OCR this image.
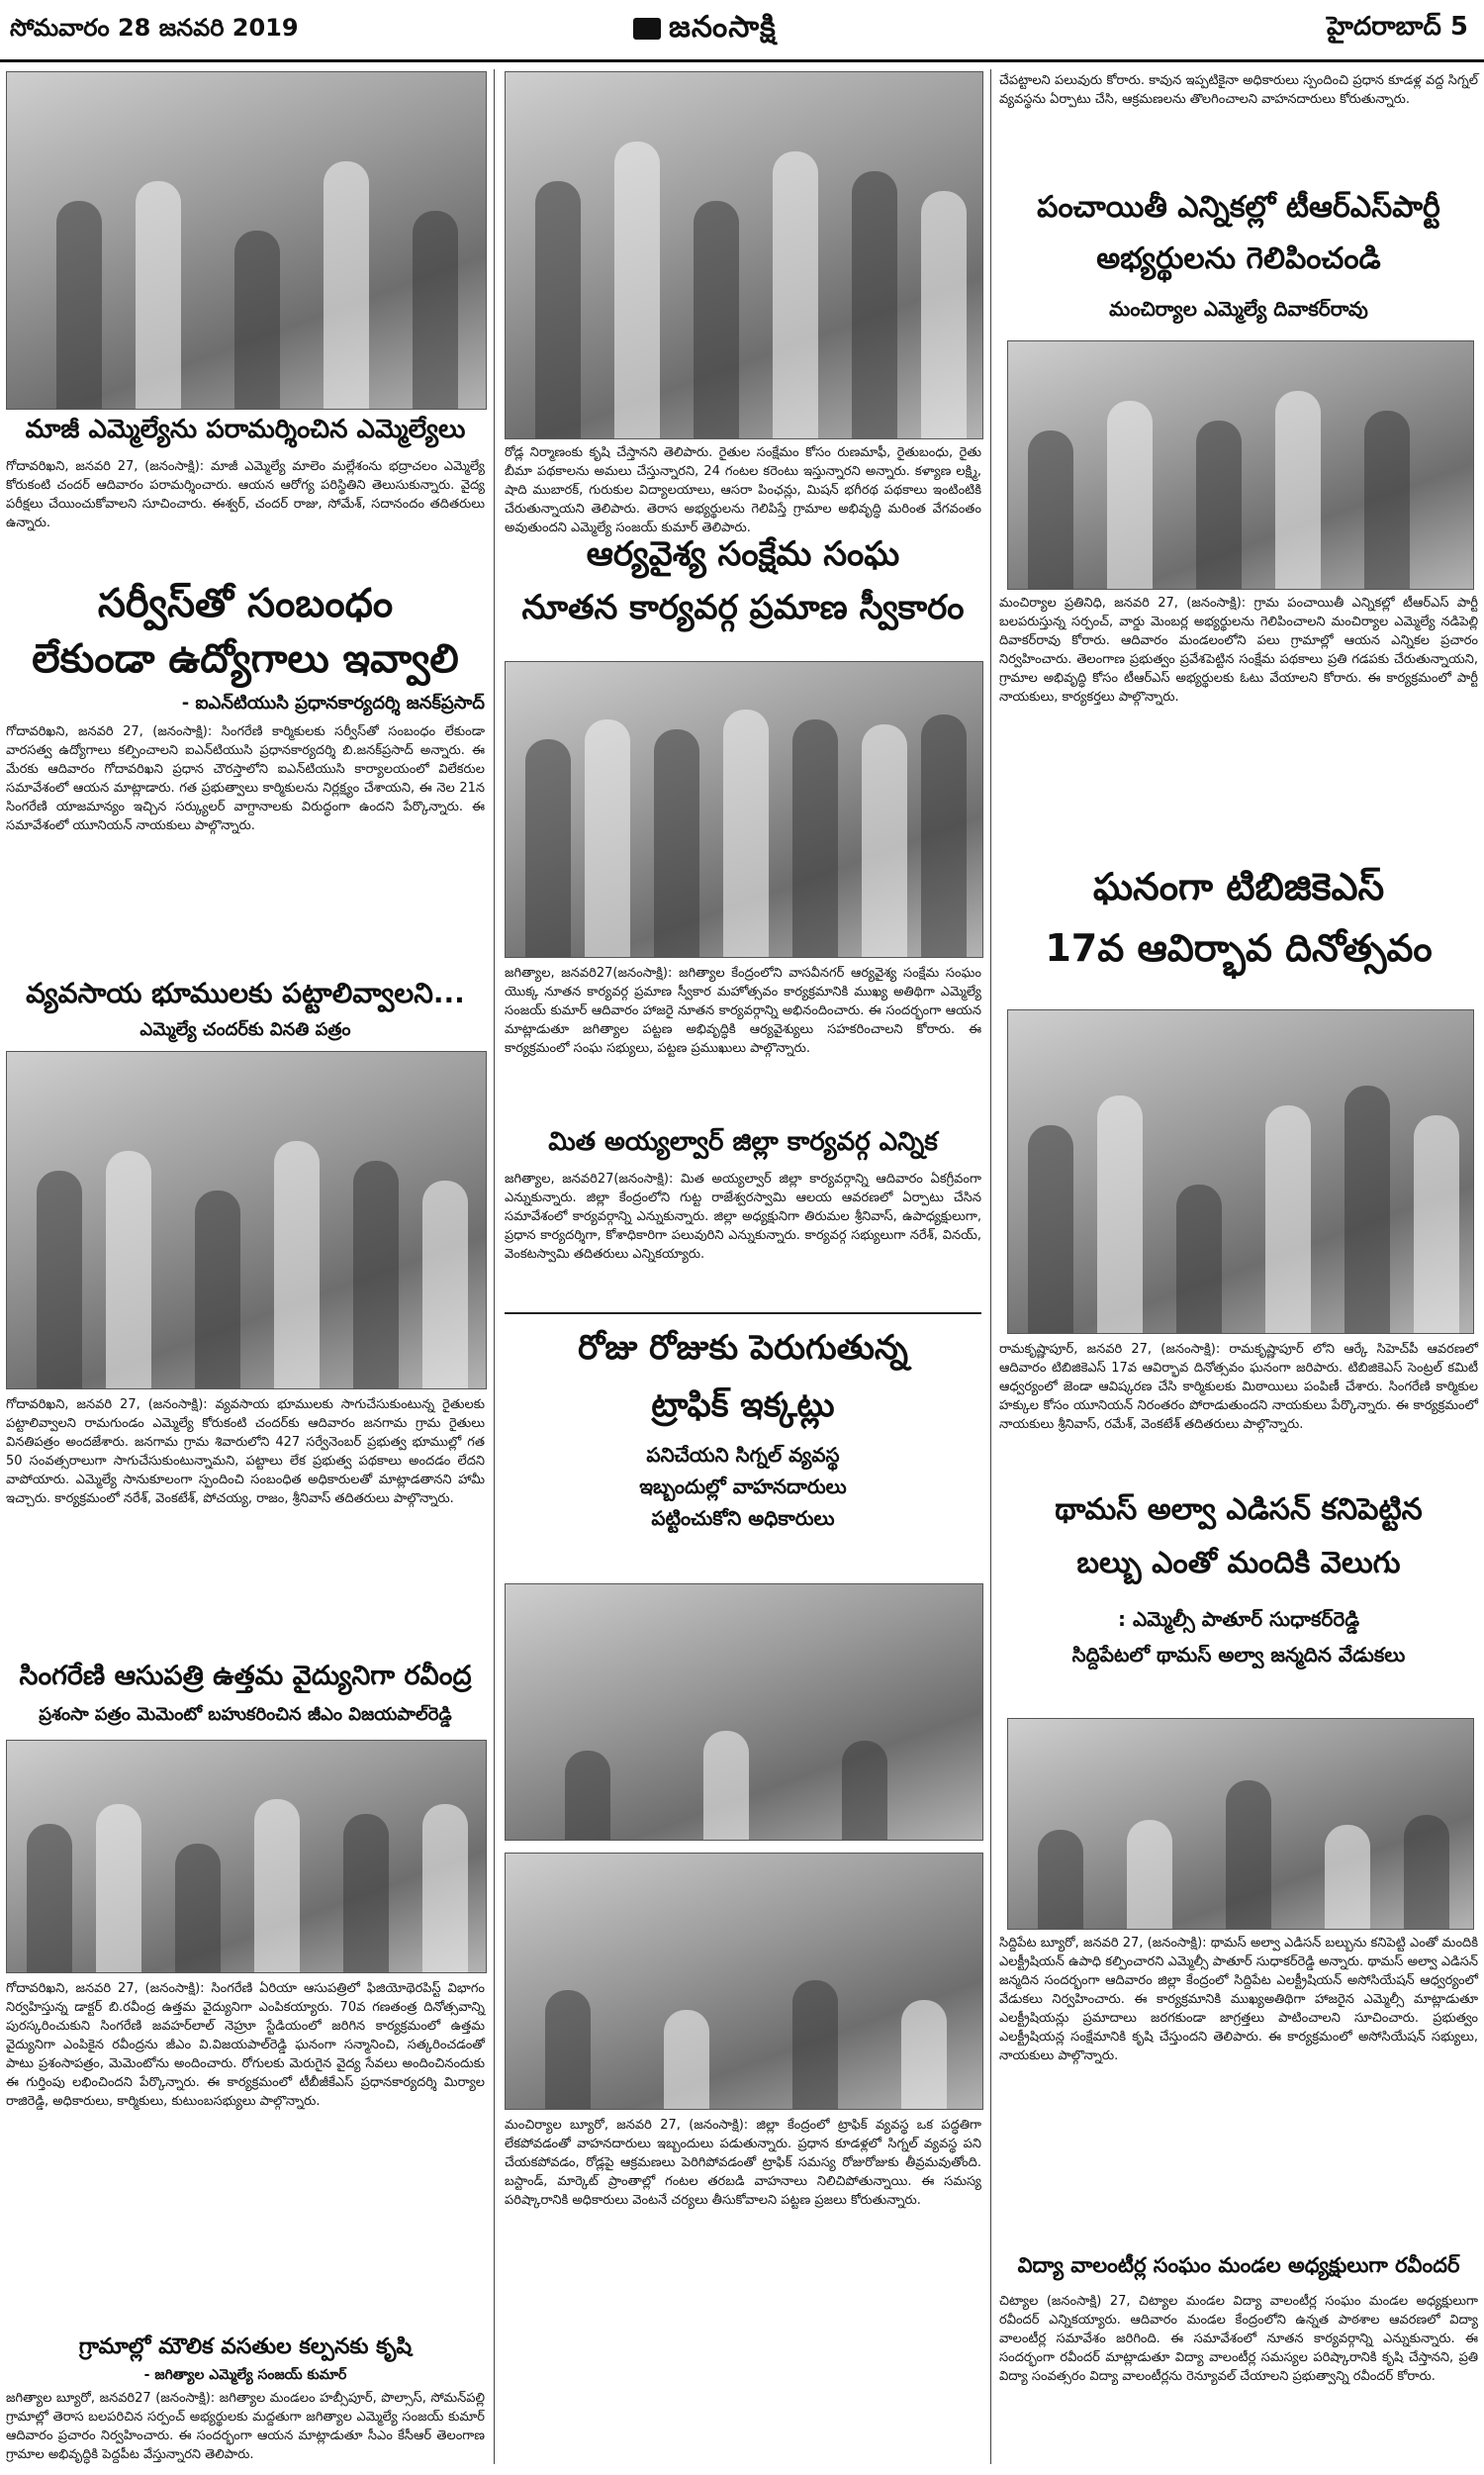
సోమవారం 28 జనవరి 2019	జనంసాక్షి	హైదరాబాద్ 5
మాజీ ఎమ్మెల్యేను పరామర్శించిన ఎమ్మెల్యేలు
గోదావరిఖని, జనవరి 27, (జనంసాక్షి): మాజీ ఎమ్మెల్యే మాలెం మల్లేశంను భద్రాచలం ఎమ్మెల్యే కోరుకంటి చందర్ ఆదివారం పరామర్శించారు. ఆయన ఆరోగ్య పరిస్థితిని తెలుసుకున్నారు. వైద్య పరీక్షలు చేయించుకోవాలని సూచించారు. ఈశ్వర్, చందర్ రాజు, సోమేశ్, సదానందం తదితరులు ఉన్నారు.
సర్వీస్‌తో సంబంధం
లేకుండా ఉద్యోగాలు ఇవ్వాలి
- ఐఎన్‌టియుసి ప్రధానకార్యదర్శి జనక్‌ప్రసాద్
గోదావరిఖని, జనవరి 27, (జనంసాక్షి): సింగరేణి కార్మికులకు సర్వీస్‌తో సంబంధం లేకుండా వారసత్వ ఉద్యోగాలు కల్పించాలని ఐఎన్‌టియుసి ప్రధానకార్యదర్శి బి.జనక్‌ప్రసాద్ అన్నారు. ఈ మేరకు ఆదివారం గోదావరిఖని ప్రధాన చౌరస్తాలోని ఐఎన్‌టియుసి కార్యాలయంలో విలేకరుల సమావేశంలో ఆయన మాట్లాడారు. గత ప్రభుత్వాలు కార్మికులను నిర్లక్ష్యం చేశాయని, ఈ నెల 21న సింగరేణి యాజమాన్యం ఇచ్చిన సర్క్యులర్ వాగ్దానాలకు విరుద్ధంగా ఉందని పేర్కొన్నారు. ఈ సమావేశంలో యూనియన్ నాయకులు పాల్గొన్నారు.
వ్యవసాయ భూములకు పట్టాలివ్వాలని...
ఎమ్మెల్యే చందర్‌కు వినతి పత్రం
గోదావరిఖని, జనవరి 27, (జనంసాక్షి): వ్యవసాయ భూములకు సాగుచేసుకుంటున్న రైతులకు పట్టాలివ్వాలని రామగుండం ఎమ్మెల్యే కోరుకంటి చందర్‌కు ఆదివారం జనగామ గ్రామ రైతులు వినతిపత్రం అందజేశారు. జనగామ గ్రామ శివారులోని 427 సర్వేనెంబర్ ప్రభుత్వ భూముల్లో గత 50 సంవత్సరాలుగా సాగుచేసుకుంటున్నామని, పట్టాలు లేక ప్రభుత్వ పథకాలు అందడం లేదని వాపోయారు. ఎమ్మెల్యే సానుకూలంగా స్పందించి సంబంధిత అధికారులతో మాట్లాడతానని హామీ ఇచ్చారు. కార్యక్రమంలో నరేశ్, వెంకటేశ్, పోచయ్య, రాజం, శ్రీనివాస్ తదితరులు పాల్గొన్నారు.
సింగరేణి ఆసుపత్రి ఉత్తమ వైద్యునిగా రవీంద్ర
ప్రశంసా పత్రం మెమెంటో బహుకరించిన జీఎం విజయపాల్‌రెడ్డి
గోదావరిఖని, జనవరి 27, (జనంసాక్షి): సింగరేణి ఏరియా ఆసుపత్రిలో ఫిజియోథెరపిస్ట్ విభాగం నిర్వహిస్తున్న డాక్టర్ బి.రవీంద్ర ఉత్తమ వైద్యునిగా ఎంపికయ్యారు. 70వ గణతంత్ర దినోత్సవాన్ని పురస్కరించుకుని సింగరేణి జవహర్‌లాల్ నెహ్రూ స్టేడియంలో జరిగిన కార్యక్రమంలో ఉత్తమ వైద్యునిగా ఎంపికైన రవీంద్రను జీఎం వి.విజయపాల్‌రెడ్డి ఘనంగా సన్మానించి, సత్కరించడంతో పాటు ప్రశంసాపత్రం, మెమెంటోను అందించారు. రోగులకు మెరుగైన వైద్య సేవలు అందించినందుకు ఈ గుర్తింపు లభించిందని పేర్కొన్నారు. ఈ కార్యక్రమంలో టీబీజీకేఎస్ ప్రధానకార్యదర్శి మిర్యాల రాజిరెడ్డి, అధికారులు, కార్మికులు, కుటుంబసభ్యులు పాల్గొన్నారు.
గ్రామాల్లో మౌలిక వసతుల కల్పనకు కృషి
- జగిత్యాల ఎమ్మెల్యే సంజయ్ కుమార్
జగిత్యాల బ్యూరో, జనవరి27 (జనంసాక్షి): జగిత్యాల మండలం హబ్సీపూర్, పొల్సాస్, సోమన్‌పల్లి గ్రామాల్లో తెరాస బలపరిచిన సర్పంచ్ అభ్యర్థులకు మద్దతుగా జగిత్యాల ఎమ్మెల్యే సంజయ్ కుమార్ ఆదివారం ప్రచారం నిర్వహించారు. ఈ సందర్భంగా ఆయన మాట్లాడుతూ సీఎం కేసీఆర్ తెలంగాణ గ్రామాల అభివృద్ధికి పెద్దపీట వేస్తున్నారని తెలిపారు.
రోడ్ల నిర్మాణంకు కృషి చేస్తానని తెలిపారు. రైతుల సంక్షేమం కోసం రుణమాఫీ, రైతుబంధు, రైతు బీమా పథకాలను అమలు చేస్తున్నారని, 24 గంటల కరెంటు ఇస్తున్నారని అన్నారు. కళ్యాణ లక్ష్మి, షాది ముబారక్, గురుకుల విద్యాలయాలు, ఆసరా పింఛన్లు, మిషన్ భగీరథ పథకాలు ఇంటింటికి చేరుతున్నాయని తెలిపారు. తెరాస అభ్యర్థులను గెలిపిస్తే గ్రామాల అభివృద్ధి మరింత వేగవంతం అవుతుందని ఎమ్మెల్యే సంజయ్ కుమార్ తెలిపారు.
ఆర్యవైశ్య సంక్షేమ సంఘ
నూతన కార్యవర్గ ప్రమాణ స్వీకారం
జగిత్యాల, జనవరి27(జనంసాక్షి): జగిత్యాల కేంద్రంలోని వాసవీనగర్ ఆర్యవైశ్య సంక్షేమ సంఘం యొక్క నూతన కార్యవర్గ ప్రమాణ స్వీకార మహోత్సవం కార్యక్రమానికి ముఖ్య అతిథిగా ఎమ్మెల్యే సంజయ్ కుమార్ ఆదివారం హాజరై నూతన కార్యవర్గాన్ని అభినందించారు. ఈ సందర్భంగా ఆయన మాట్లాడుతూ జగిత్యాల పట్టణ అభివృద్ధికి ఆర్యవైశ్యులు సహకరించాలని కోరారు. ఈ కార్యక్రమంలో సంఘ సభ్యులు, పట్టణ ప్రముఖులు పాల్గొన్నారు.
మిత అయ్యల్వార్ జిల్లా కార్యవర్గ ఎన్నిక
జగిత్యాల, జనవరి27(జనంసాక్షి): మిత అయ్యల్వార్ జిల్లా కార్యవర్గాన్ని ఆదివారం ఏకగ్రీవంగా ఎన్నుకున్నారు. జిల్లా కేంద్రంలోని గుట్ట రాజేశ్వరస్వామి ఆలయ ఆవరణలో ఏర్పాటు చేసిన సమావేశంలో కార్యవర్గాన్ని ఎన్నుకున్నారు. జిల్లా అధ్యక్షునిగా తిరుమల శ్రీనివాస్, ఉపాధ్యక్షులుగా, ప్రధాన కార్యదర్శిగా, కోశాధికారిగా పలువురిని ఎన్నుకున్నారు. కార్యవర్గ సభ్యులుగా నరేశ్, వినయ్, వెంకటస్వామి తదితరులు ఎన్నికయ్యారు.
రోజు రోజుకు పెరుగుతున్న
ట్రాఫిక్ ఇక్కట్లు
పనిచేయని సిగ్నల్ వ్యవస్థ
ఇబ్బందుల్లో వాహనదారులు
పట్టించుకోని అధికారులు
మంచిర్యాల బ్యూరో, జనవరి 27, (జనంసాక్షి): జిల్లా కేంద్రంలో ట్రాఫిక్ వ్యవస్థ ఒక పద్ధతిగా లేకపోవడంతో వాహనదారులు ఇబ్బందులు పడుతున్నారు. ప్రధాన కూడళ్లలో సిగ్నల్ వ్యవస్థ పని చేయకపోవడం, రోడ్లపై ఆక్రమణలు పెరిగిపోవడంతో ట్రాఫిక్ సమస్య రోజురోజుకు తీవ్రమవుతోంది. బస్టాండ్, మార్కెట్ ప్రాంతాల్లో గంటల తరబడి వాహనాలు నిలిచిపోతున్నాయి. ఈ సమస్య పరిష్కారానికి అధికారులు వెంటనే చర్యలు తీసుకోవాలని పట్టణ ప్రజలు కోరుతున్నారు.
చేపట్టాలని పలువురు కోరారు. కావున ఇప్పటికైనా అధికారులు స్పందించి ప్రధాన కూడళ్ల వద్ద సిగ్నల్ వ్యవస్థను ఏర్పాటు చేసి, ఆక్రమణలను తొలగించాలని వాహనదారులు కోరుతున్నారు.
పంచాయితీ ఎన్నికల్లో టీఆర్ఎస్‌పార్టీ
అభ్యర్థులను గెలిపించండి
మంచిర్యాల ఎమ్మెల్యే దివాకర్‌రావు
మంచిర్యాల ప్రతినిధి, జనవరి 27, (జనంసాక్షి): గ్రామ పంచాయితీ ఎన్నికల్లో టీఆర్ఎస్ పార్టీ బలపరుస్తున్న సర్పంచ్, వార్డు మెంబర్ల అభ్యర్థులను గెలిపించాలని మంచిర్యాల ఎమ్మెల్యే నడిపెల్లి దివాకర్‌రావు కోరారు. ఆదివారం మండలంలోని పలు గ్రామాల్లో ఆయన ఎన్నికల ప్రచారం నిర్వహించారు. తెలంగాణ ప్రభుత్వం ప్రవేశపెట్టిన సంక్షేమ పథకాలు ప్రతి గడపకు చేరుతున్నాయని, గ్రామాల అభివృద్ధి కోసం టీఆర్ఎస్ అభ్యర్థులకు ఓటు వేయాలని కోరారు. ఈ కార్యక్రమంలో పార్టీ నాయకులు, కార్యకర్తలు పాల్గొన్నారు.
ఘనంగా టిబిజికెఎస్
17వ ఆవిర్భావ దినోత్సవం
రామకృష్ణాపూర్, జనవరి 27, (జనంసాక్షి): రామకృష్ణాపూర్ లోని ఆర్కే సిహెచ్‌పీ ఆవరణలో ఆదివారం టిబిజికెఎస్ 17వ ఆవిర్భావ దినోత్సవం ఘనంగా జరిపారు. టిబిజికెఎస్ సెంట్రల్ కమిటీ ఆధ్వర్యంలో జెండా ఆవిష్కరణ చేసి కార్మికులకు మిఠాయిలు పంపిణీ చేశారు. సింగరేణి కార్మికుల హక్కుల కోసం యూనియన్ నిరంతరం పోరాడుతుందని నాయకులు పేర్కొన్నారు. ఈ కార్యక్రమంలో నాయకులు శ్రీనివాస్, రమేశ్, వెంకటేశ్ తదితరులు పాల్గొన్నారు.
థామస్ అల్వా ఎడిసన్ కనిపెట్టిన
బల్బు ఎంతో మందికి వెలుగు
: ఎమ్మెల్సీ పాతూర్ సుధాకర్‌రెడ్డి
సిద్దిపేటలో థామస్ అల్వా జన్మదిన వేడుకలు
సిద్దిపేట బ్యూరో, జనవరి 27, (జనంసాక్షి): థామస్ అల్వా ఎడిసన్ బల్బును కనిపెట్టి ఎంతో మందికి ఎలక్ట్రీషియన్ ఉపాధి కల్పించారని ఎమ్మెల్సీ పాతూర్ సుధాకర్‌రెడ్డి అన్నారు. థామస్ అల్వా ఎడిసన్ జన్మదిన సందర్భంగా ఆదివారం జిల్లా కేంద్రంలో సిద్దిపేట ఎలక్ట్రీషియన్ అసోసియేషన్ ఆధ్వర్యంలో వేడుకలు నిర్వహించారు. ఈ కార్యక్రమానికి ముఖ్యఅతిథిగా హాజరైన ఎమ్మెల్సీ మాట్లాడుతూ ఎలక్ట్రీషియన్లు ప్రమాదాలు జరగకుండా జాగ్రత్తలు పాటించాలని సూచించారు. ప్రభుత్వం ఎలక్ట్రీషియన్ల సంక్షేమానికి కృషి చేస్తుందని తెలిపారు. ఈ కార్యక్రమంలో అసోసియేషన్ సభ్యులు, నాయకులు పాల్గొన్నారు.
విద్యా వాలంటీర్ల సంఘం మండల అధ్యక్షులుగా రవీందర్
చిట్యాల (జనంసాక్షి) 27, చిట్యాల మండల విద్యా వాలంటీర్ల సంఘం మండల అధ్యక్షులుగా రవీందర్ ఎన్నికయ్యారు. ఆదివారం మండల కేంద్రంలోని ఉన్నత పాఠశాల ఆవరణలో విద్యా వాలంటీర్ల సమావేశం జరిగింది. ఈ సమావేశంలో నూతన కార్యవర్గాన్ని ఎన్నుకున్నారు. ఈ సందర్భంగా రవీందర్ మాట్లాడుతూ విద్యా వాలంటీర్ల సమస్యల పరిష్కారానికి కృషి చేస్తానని, ప్రతి విద్యా సంవత్సరం విద్యా వాలంటీర్లను రెన్యూవల్ చేయాలని ప్రభుత్వాన్ని రవీందర్ కోరారు.
